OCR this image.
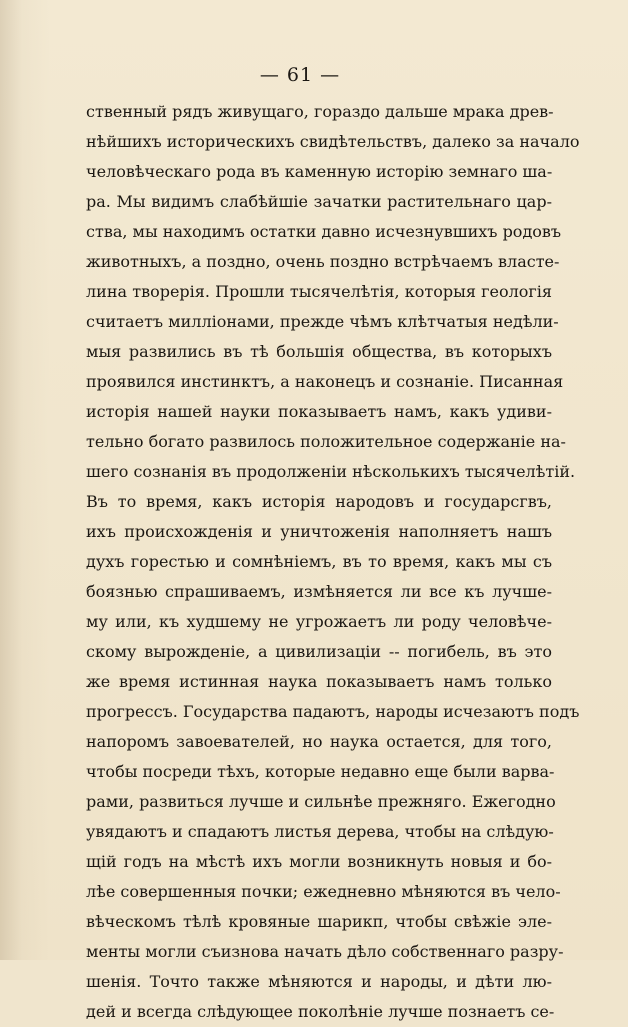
— 61 —
ственный рядъ живущаго, гораздо дальше мрака древ-
нѣйшихъ историческихъ свидѣтельствъ, далеко за начало
человѣческаго рода въ каменную исторію земнаго ша-
ра. Мы видимъ слабѣйшіе зачатки растительнаго цар-
ства, мы находимъ остатки давно исчезнувшихъ родовъ
животныхъ, а поздно, очень поздно встрѣчаемъ власте-
лина творерія. Прошли тысячелѣтія, которыя геологія
считаетъ милліонами, прежде чѣмъ клѣтчатыя недѣли-
мыя развились въ тѣ большія общества, въ которыхъ
проявился инстинктъ, а наконецъ и сознаніе. Писанная
исторія нашей науки показываетъ намъ, какъ удиви-
тельно богато развилось положительное содержаніе на-
шего сознанія въ продолженіи нѣсколькихъ тысячелѣтій.
Въ то время, какъ исторія народовъ и государсгвъ,
ихъ происхожденія и уничтоженія наполняетъ нашъ
духъ горестью и сомнѣніемъ, въ то время, какъ мы съ
боязнью спрашиваемъ, измѣняется ли все къ лучше-
му или, къ худшему не угрожаетъ ли роду человѣче-
скому вырожденіе, а цивилизаціи -- погибель, въ это
же время истинная наука показываетъ намъ только
прогрессъ. Государства падаютъ, народы исчезаютъ подъ
напоромъ завоевателей, но наука остается, для того,
чтобы посреди тѣхъ, которые недавно еще были варва-
рами, развиться лучше и сильнѣе прежняго. Ежегодно
увядаютъ и спадаютъ листья дерева, чтобы на слѣдую-
щій годъ на мѣстѣ ихъ могли возникнуть новыя и бо-
лѣе совершенныя почки; ежедневно мѣняются въ чело-
вѣческомъ тѣлѣ кровяные шарикп, чтобы свѣжіе эле-
менты могли съизнова начать дѣло собственнаго разру-
шенія. Точто также мѣняются и народы, и дѣти лю-
дей и всегда слѣдующее поколѣніе лучше познаетъ се-
